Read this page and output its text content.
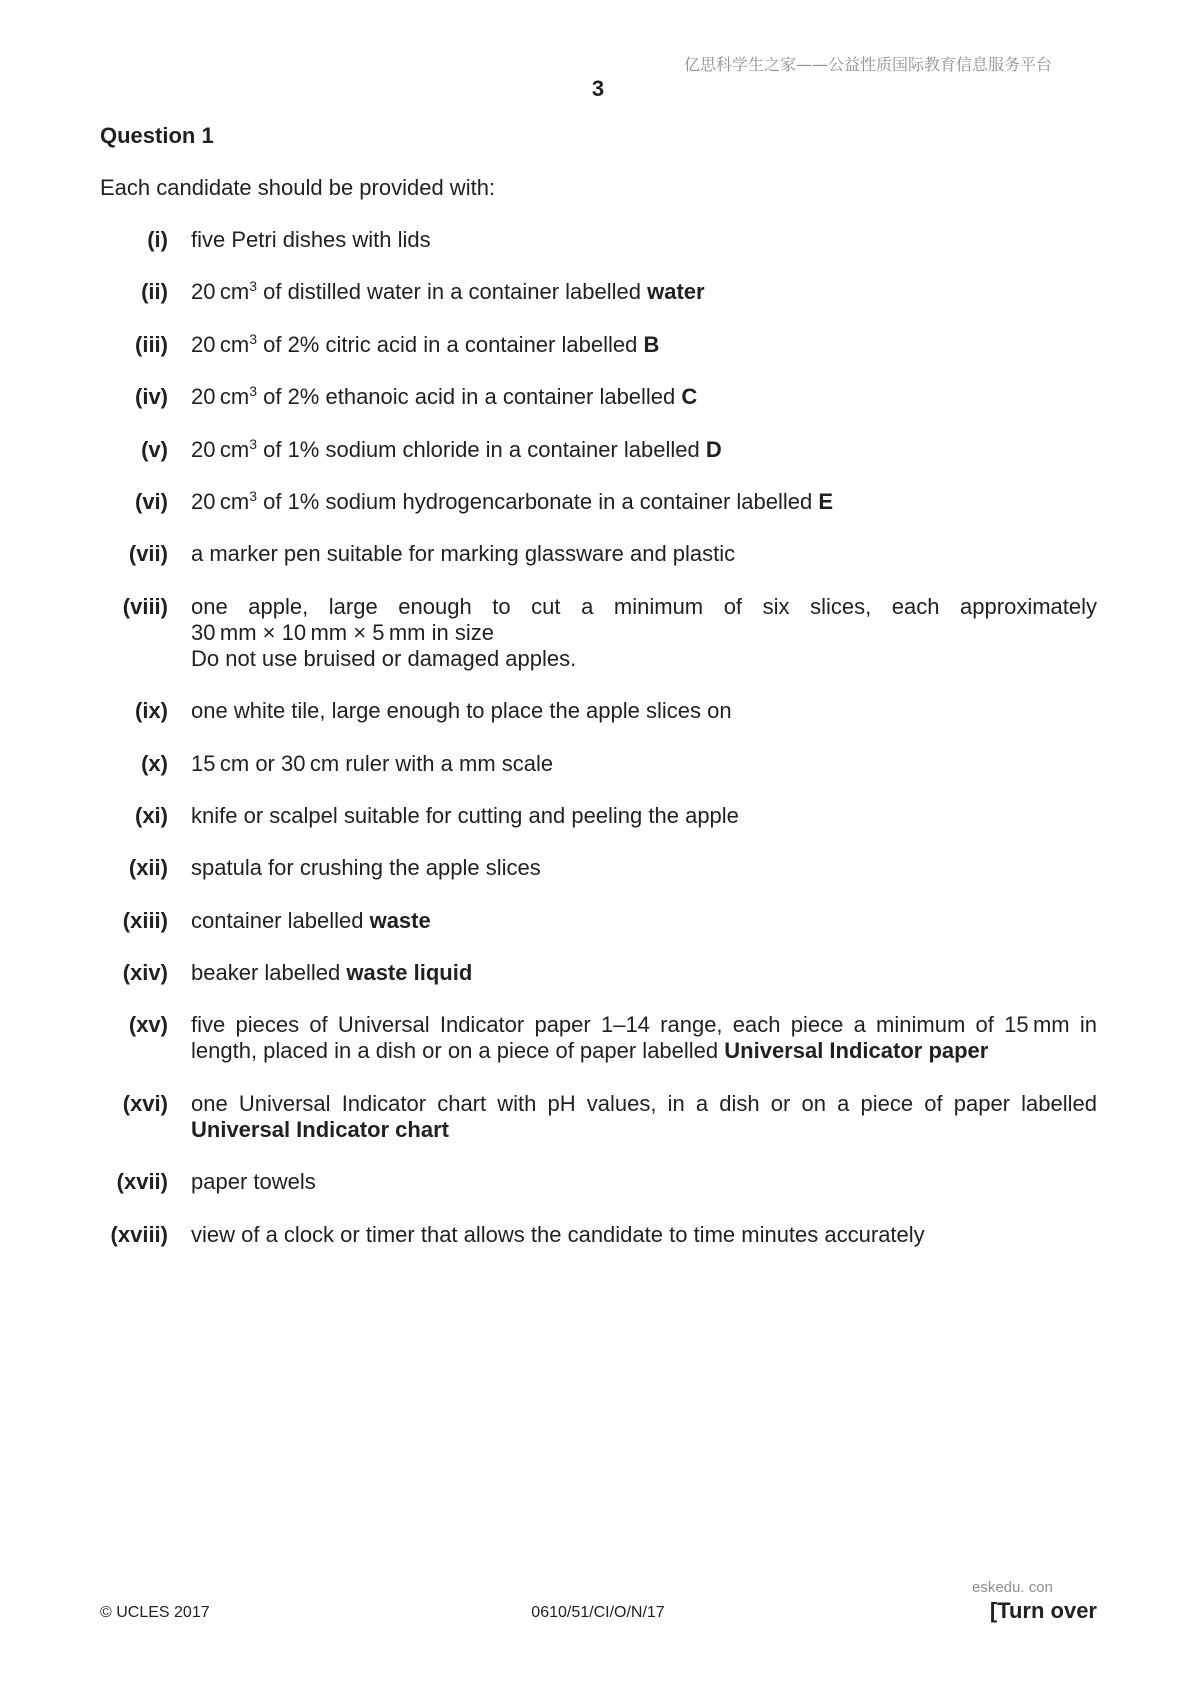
亿思科学生之家——公益性质国际教育信息服务平台
3
Question 1
Each candidate should be provided with:
(i) five Petri dishes with lids
(ii) 20 $cm^3$ of distilled water in a container labelled water
(iii) 20 $cm^3$ of 2% citric acid in a container labelled B
(iv) 20 $cm^3$ of 2% ethanoic acid in a container labelled C
(v) 20 $cm^3$ of 1% sodium chloride in a container labelled D
(vi) 20 $cm^3$ of 1% sodium hydrogencarbonate in a container labelled E
(vii) a marker pen suitable for marking glassware and plastic
(viii) one apple, large enough to cut a minimum of six slices, each approximately
30 mm × 10 mm × 5 mm in size
Do not use bruised or damaged apples.
(ix) one white tile, large enough to place the apple slices on
(x) 15 cm or 30 cm ruler with a mm scale
(xi) knife or scalpel suitable for cutting and peeling the apple
(xii) spatula for crushing the apple slices
(xiii) container labelled waste
(xiv) beaker labelled waste liquid
(xv) five pieces of Universal Indicator paper 1–14 range, each piece a minimum of 15 mm in
length, placed in a dish or on a piece of paper labelled Universal Indicator paper
(xvi) one Universal Indicator chart with pH values, in a dish or on a piece of paper labelled
Universal Indicator chart
(xvii) paper towels
(xviii) view of a clock or timer that allows the candidate to time minutes accurately
eskedu. con
© UCLES 2017	0610/51/CI/O/N/17	[Turn over
